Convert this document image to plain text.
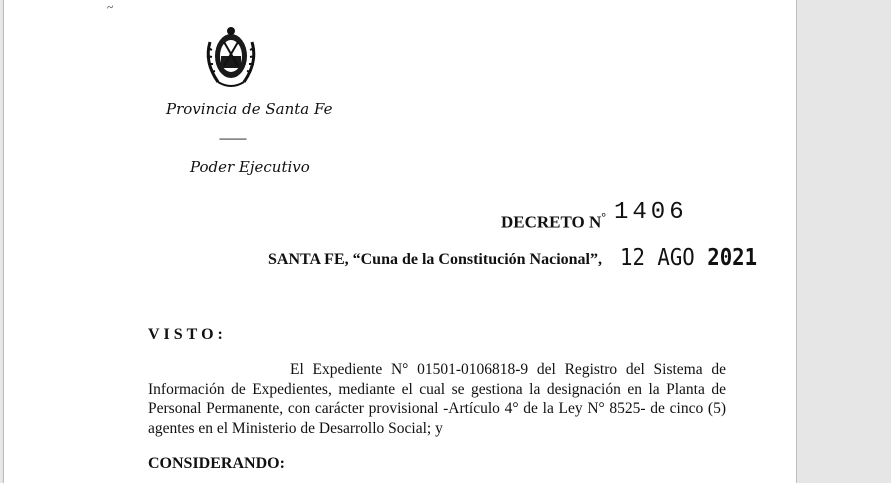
~
Provincia de Santa Fe
---------
Poder Ejecutivo
DECRETO N° 1406
SANTA FE, “Cuna de la Constitución Nacional”, 12 AGO 2021
VISTO:
El Expediente N° 01501-0106818-9 del Registro del Sistema de Información de Expedientes, mediante el cual se gestiona la designación en la Planta de Personal Permanente, con carácter provisional -Artículo 4° de la Ley N° 8525- de cinco (5) agentes en el Ministerio de Desarrollo Social; y
CONSIDERANDO:
